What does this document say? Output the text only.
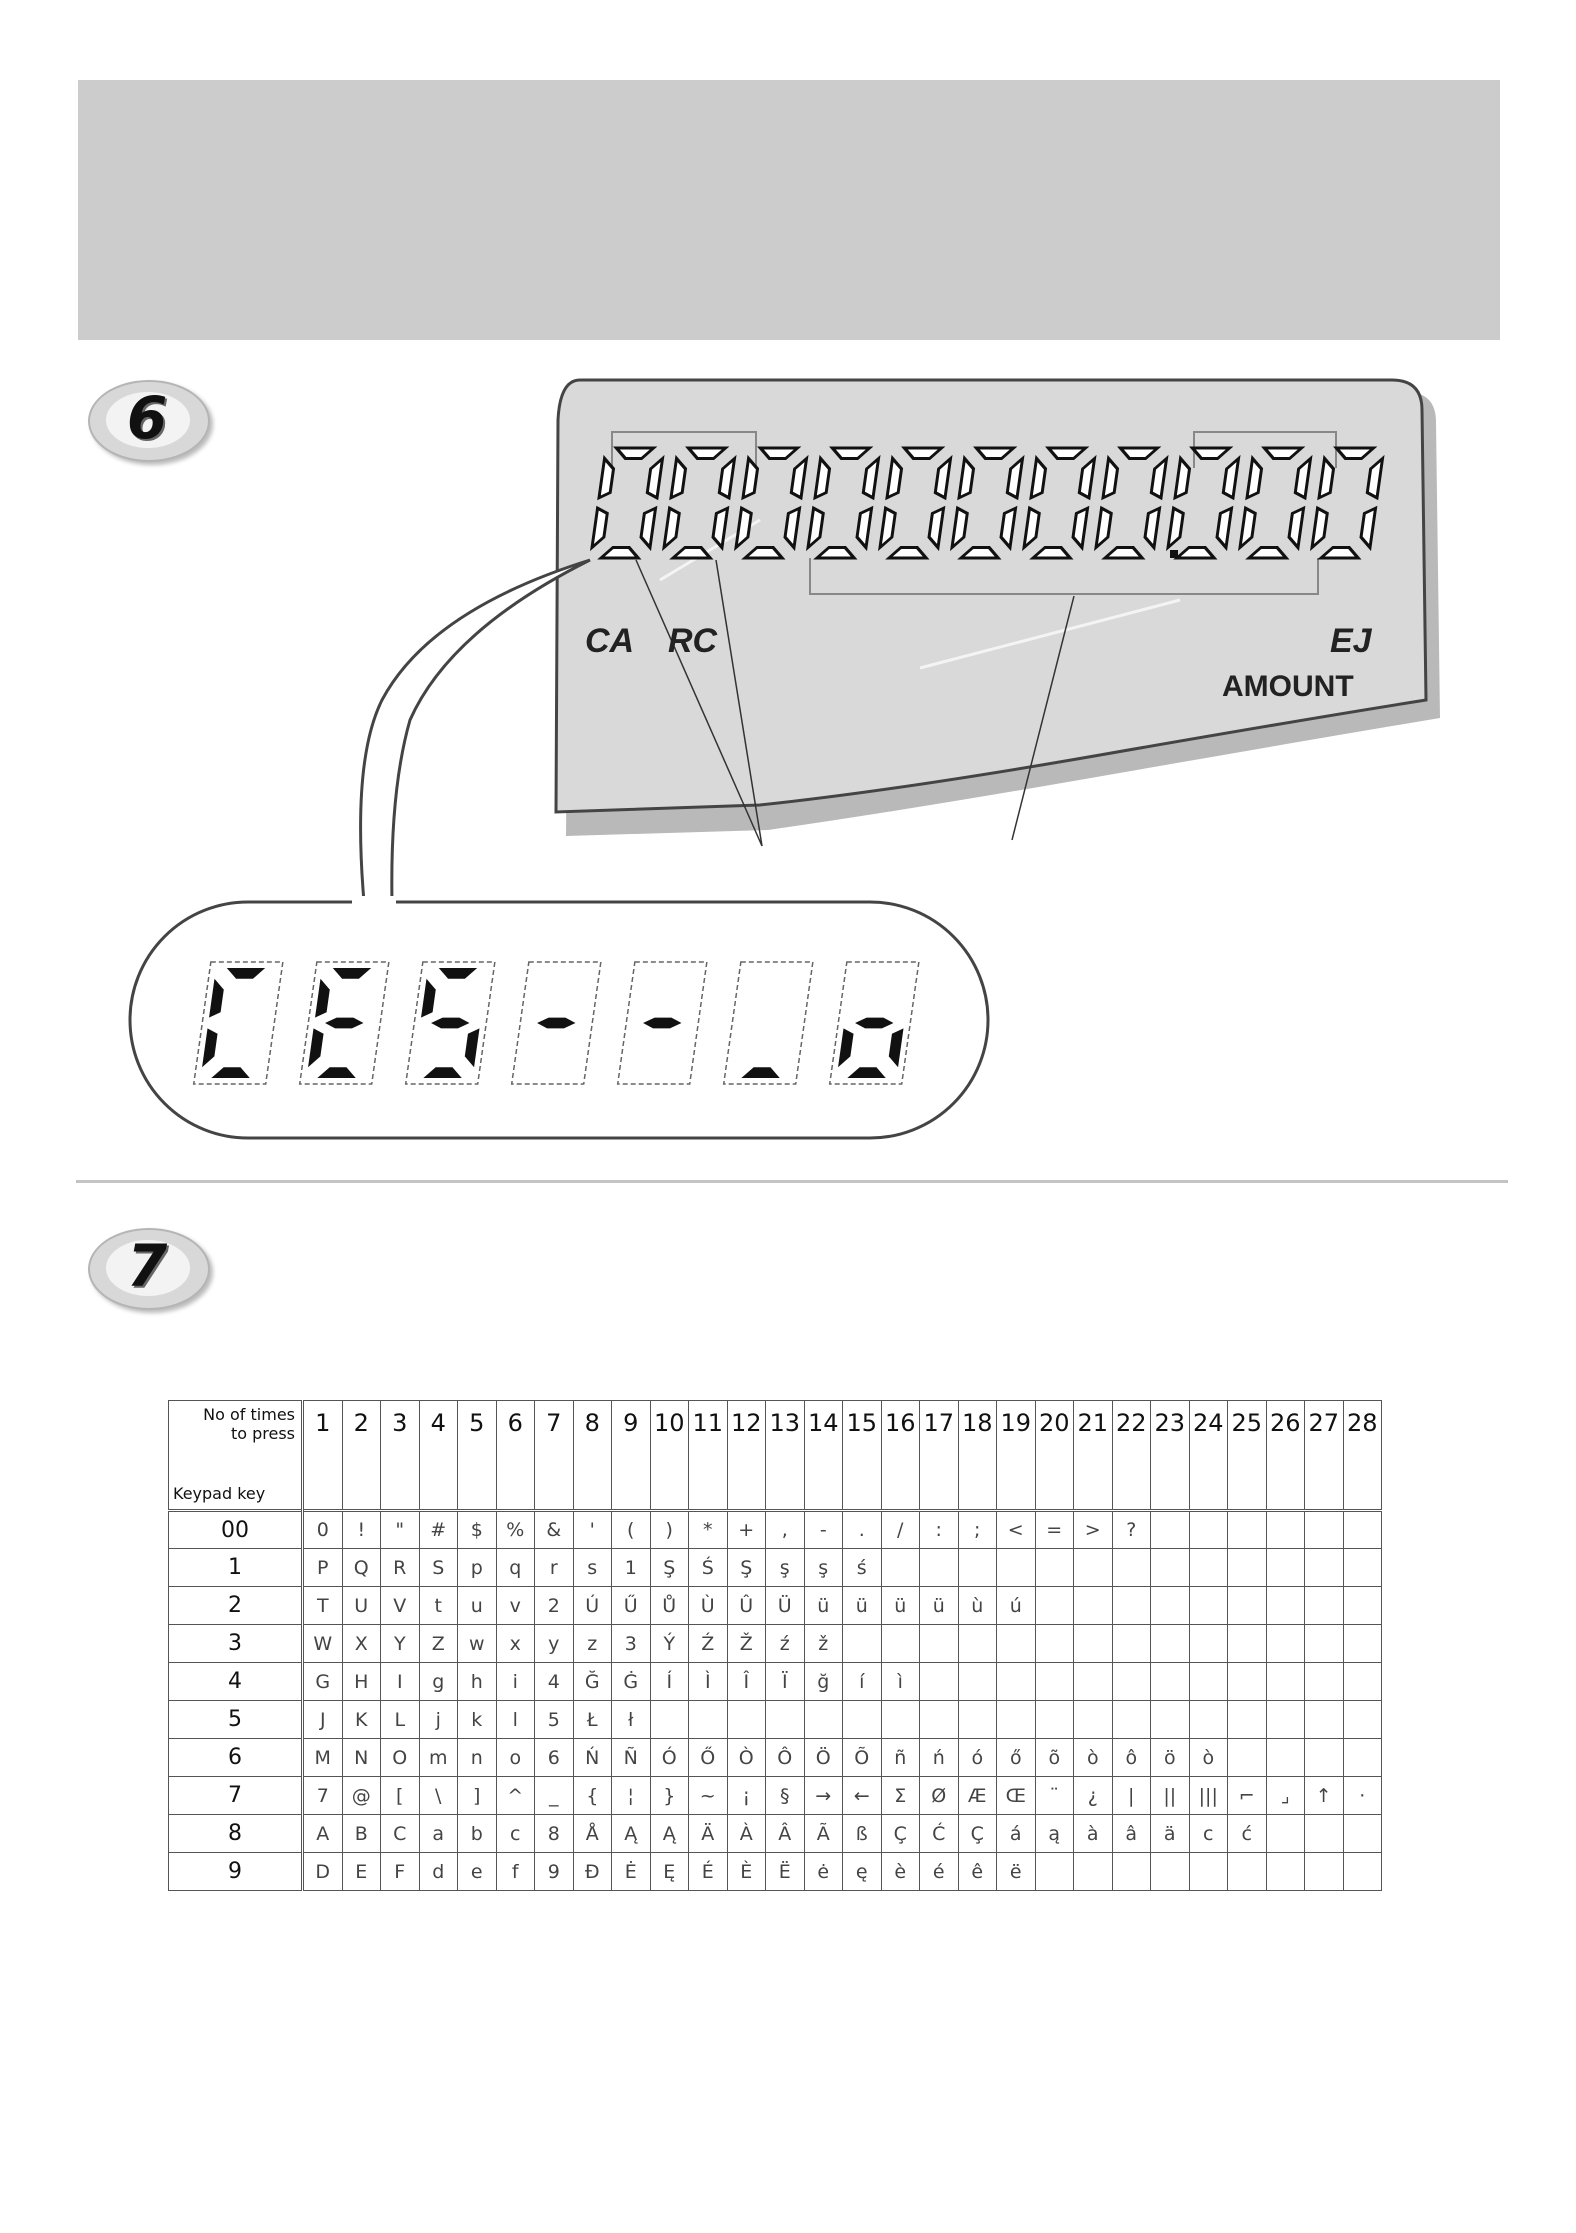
6
CA RC	EJ
AMOUNT
7
No of times
to press
Keypad key	1	2	3	4	5	6	7	8	9	10	11	12	13	14	15	16	17	18	19	20	21	22	23	24	25	26	27	28
00	0	!	"	#	$	%	&	'	(	)	*	+	,	-	.	/	:	;	<	=	>	?						
1	P	Q	R	S	p	q	r	s	1	Ş	Ś	Ş	ş	ş	ś													
2	T	U	V	t	u	v	2	Ú	Ű	Ů	Ù	Û	Ü	ü	ü	ü	ü	ù	ú									
3	W	X	Y	Z	w	x	y	z	3	Ý	Ź	Ž	ź	ž														
4	G	H	I	g	h	i	4	Ğ	Ġ	Í	Ì	Î	Ï	ğ	í	ì												
5	J	K	L	j	k	l	5	Ł	ł																			
6	M	N	O	m	n	o	6	Ń	Ñ	Ó	Ő	Ò	Ô	Ö	Õ	ñ	ń	ó	ő	õ	ò	ô	ö	ò				
7	7	@	[	\	]	^	_	{	¦	}	~	¡	§	→	←	Σ	Ø	Æ	Œ	¨	¿	|	||	|||	⌐	⌟	↑	·
8	A	B	C	a	b	c	8	Å	Ą	Ą	Ä	À	Â	Ã	ß	Ç	Ć	Ç	á	ą	à	â	ä	c	ć			
9	D	E	F	d	e	f	9	Đ	Ė	Ę	É	È	Ë	ė	ę	è	é	ê	ë									
